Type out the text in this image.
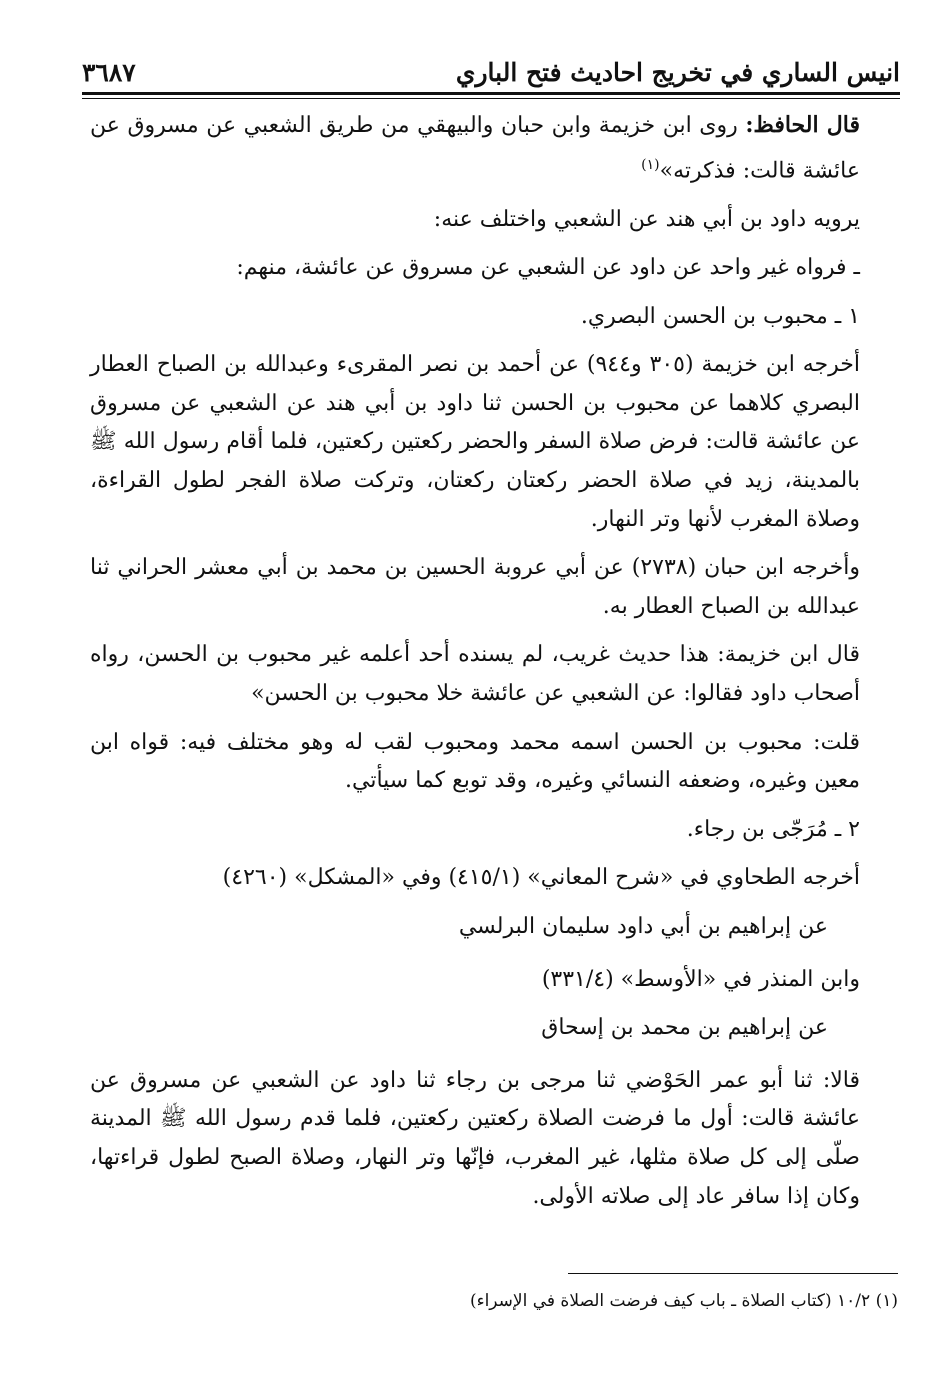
انيس الساري في تخريج احاديث فتح الباري
٣٦٨٧

قال الحافظ: روى ابن خزيمة وابن حبان والبيهقي من طريق الشعبي عن مسروق عن عائشة قالت: فذكرته»$^{(١)}$

يرويه داود بن أبي هند عن الشعبي واختلف عنه:

ـ فرواه غير واحد عن داود عن الشعبي عن مسروق عن عائشة، منهم:

١ ـ محبوب بن الحسن البصري.

أخرجه ابن خزيمة (٣٠٥ و٩٤٤) عن أحمد بن نصر المقرىء وعبدالله بن الصباح العطار البصري كلاهما عن محبوب بن الحسن ثنا داود بن أبي هند عن الشعبي عن مسروق عن عائشة قالت: فرض صلاة السفر والحضر ركعتين ركعتين، فلما أقام رسول الله ﷺ بالمدينة، زيد في صلاة الحضر ركعتان ركعتان، وتركت صلاة الفجر لطول القراءة، وصلاة المغرب لأنها وتر النهار.

وأخرجه ابن حبان (٢٧٣٨) عن أبي عروبة الحسين بن محمد بن أبي معشر الحراني ثنا عبدالله بن الصباح العطار به.

قال ابن خزيمة: هذا حديث غريب، لم يسنده أحد أعلمه غير محبوب بن الحسن، رواه أصحاب داود فقالوا: عن الشعبي عن عائشة خلا محبوب بن الحسن»

قلت: محبوب بن الحسن اسمه محمد ومحبوب لقب له وهو مختلف فيه: قواه ابن معين وغيره، وضعفه النسائي وغيره، وقد توبع كما سيأتي.

٢ ـ مُرَجّى بن رجاء.

أخرجه الطحاوي في «شرح المعاني» (٤١٥/١) وفي «المشكل» (٤٢٦٠)

عن إبراهيم بن أبي داود سليمان البرلسي

وابن المنذر في «الأوسط» (٣٣١/٤)

عن إبراهيم بن محمد بن إسحاق

قالا: ثنا أبو عمر الحَوْضي ثنا مرجى بن رجاء ثنا داود عن الشعبي عن مسروق عن عائشة قالت: أول ما فرضت الصلاة ركعتين ركعتين، فلما قدم رسول الله ﷺ المدينة صلّى إلى كل صلاة مثلها، غير المغرب، فإنّها وتر النهار، وصلاة الصبح لطول قراءتها، وكان إذا سافر عاد إلى صلاته الأولى.

(١) ١٠/٢ (كتاب الصلاة ـ باب كيف فرضت الصلاة في الإسراء)
